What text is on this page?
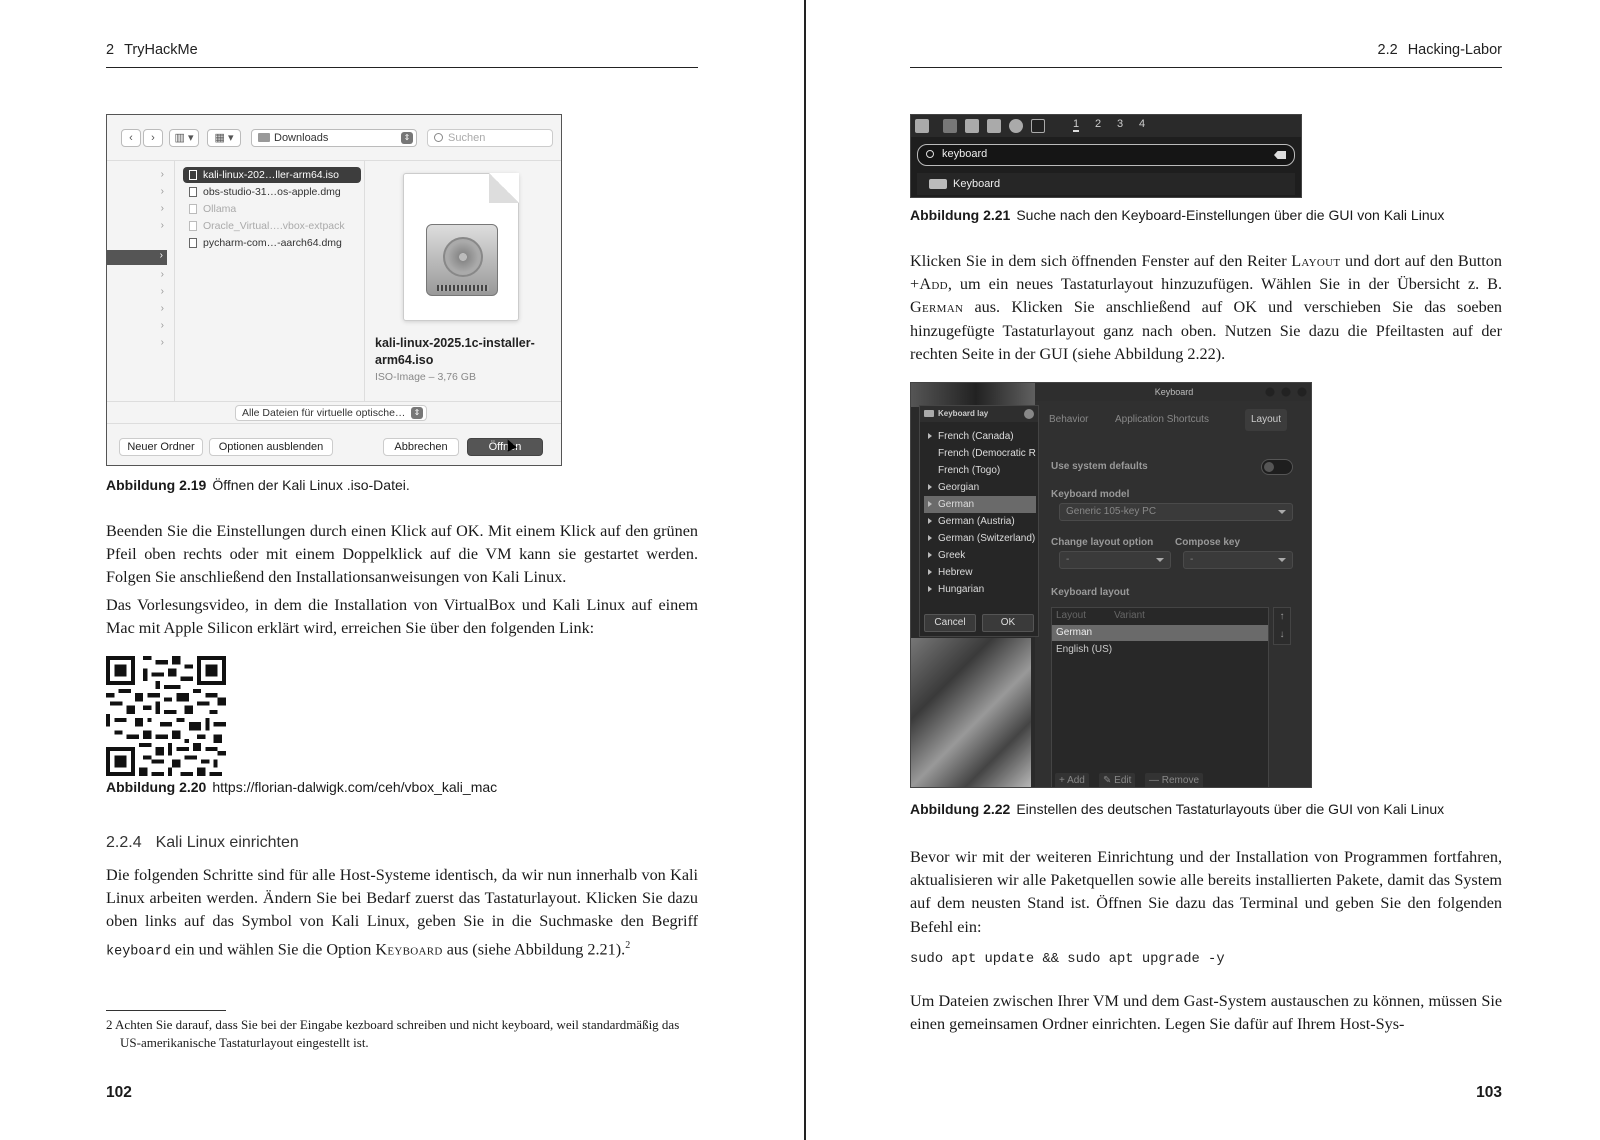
2 TryHackMe
‹	›	▥ ▾	▦ ▾	Downloads	⇕	Suchen
›
›
›
›
›
›
›
›
›
›
kali-linux-202…ller-arm64.iso
obs-studio-31…os-apple.dmg
Ollama
Oracle_Virtual….vbox-extpack
pycharm-com…-aarch64.dmg
kali-linux-2025.1c-installer-arm64.iso
ISO-Image – 3,76 GB
Alle Dateien für virtuelle optische…	⇕
Neuer Ordner	Optionen ausblenden	Abbrechen	Öffnen
Abbildung 2.19 Öffnen der Kali Linux .iso-Datei.
Beenden Sie die Einstellungen durch einen Klick auf OK. Mit einem Klick auf den grünen Pfeil oben rechts oder mit einem Doppelklick auf die VM kann sie gestartet werden. Folgen Sie anschließend den Installationsanweisungen von Kali Linux.
Das Vorlesungsvideo, in dem die Installation von VirtualBox und Kali Linux auf einem Mac mit Apple Silicon erklärt wird, erreichen Sie über den folgenden Link:
Abbildung 2.20 https://florian-dalwigk.com/ceh/vbox_kali_mac
2.2.4 Kali Linux einrichten
Die folgenden Schritte sind für alle Host-Systeme identisch, da wir nun innerhalb von Kali Linux arbeiten werden. Ändern Sie bei Bedarf zuerst das Tastaturlayout. Klicken Sie dazu oben links auf das Symbol von Kali Linux, geben Sie in die Suchmaske den Begriff keyboard ein und wählen Sie die Option Keyboard aus (siehe Abbildung 2.21).$^2$
2 Achten Sie darauf, dass Sie bei der Eingabe kezboard schreiben und nicht keyboard, weil standardmäßig das US-amerikanische Tastaturlayout eingestellt ist.
102
2.2 Hacking-Labor
1 2 3 4
keyboard
Keyboard
Abbildung 2.21 Suche nach den Keyboard-Einstellungen über die GUI von Kali Linux
Klicken Sie in dem sich öffnenden Fenster auf den Reiter Layout und dort auf den Button +Add, um ein neues Tastaturlayout hinzuzufügen. Wählen Sie in der Übersicht z. B. German aus. Klicken Sie anschließend auf OK und verschieben Sie das soeben hinzugefügte Tastaturlayout ganz nach oben. Nutzen Sie dazu die Pfeiltasten auf der rechten Seite in der GUI (siehe Abbildung 2.22).
Keyboard
Behavior	Application Shortcuts	Layout
Use system defaults
Keyboard model
Generic 105-key PC
Change layout option Compose key
-	-
Keyboard layout
Layout	Variant
German
English (US)
↑
↓
+ Add	✎ Edit	— Remove
Keyboard lay
French (Canada)
French (Democratic R
French (Togo)
Georgian
German
German (Austria)
German (Switzerland)
Greek
Hebrew
Hungarian
Cancel	OK
Abbildung 2.22 Einstellen des deutschen Tastaturlayouts über die GUI von Kali Linux
Bevor wir mit der weiteren Einrichtung und der Installation von Programmen fortfahren, aktualisieren wir alle Paketquellen sowie alle bereits installierten Pakete, damit das System auf dem neusten Stand ist. Öffnen Sie dazu das Terminal und geben Sie den folgenden Befehl ein:
sudo apt update && sudo apt upgrade -y
Um Dateien zwischen Ihrer VM und dem Gast-System austauschen zu können, müssen Sie einen gemeinsamen Ordner einrichten. Legen Sie dafür auf Ihrem Host-Sys-
103
